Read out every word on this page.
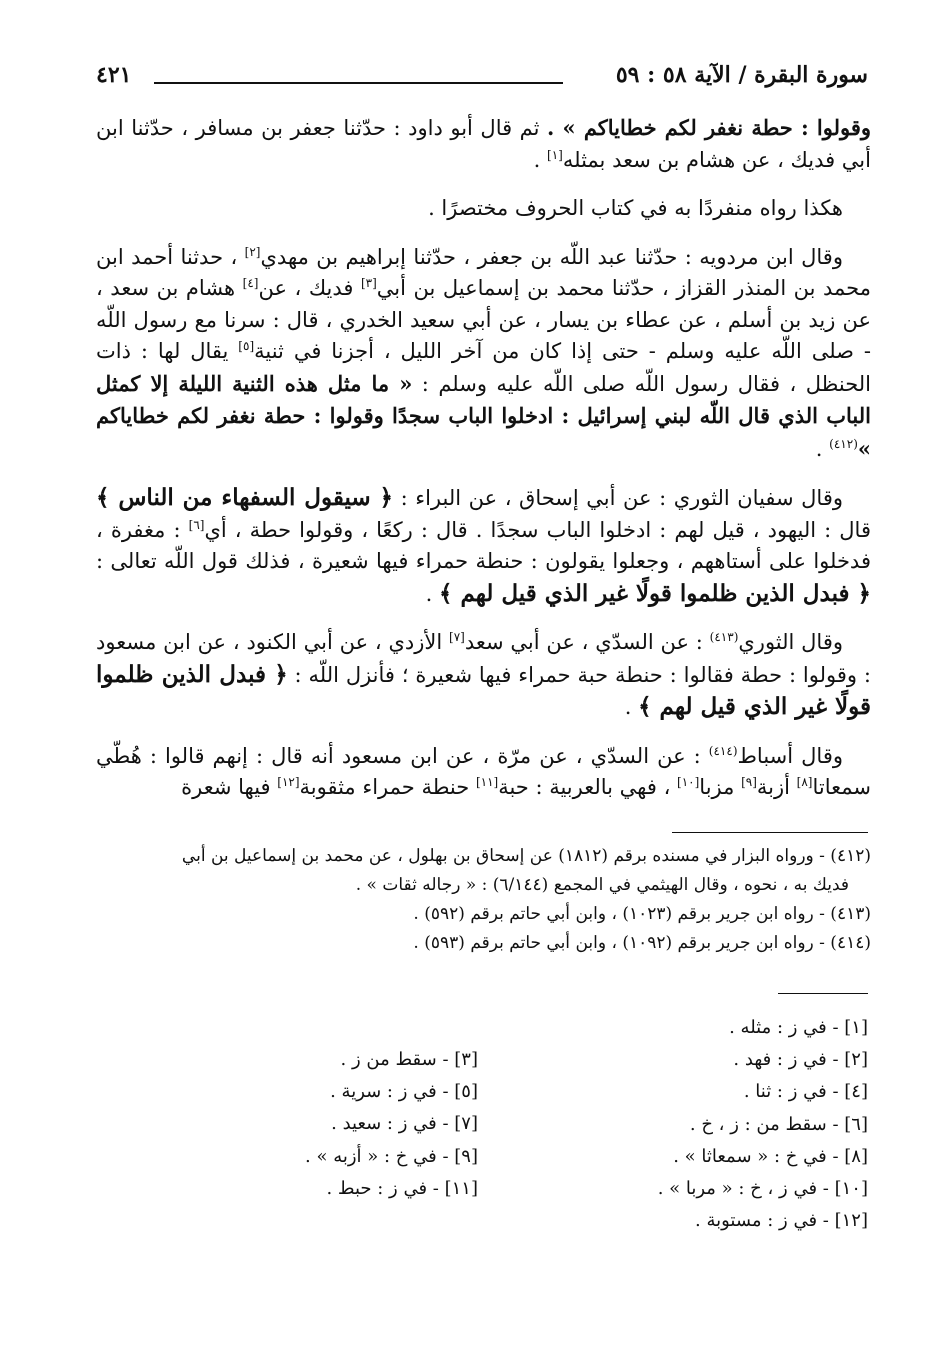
سورة البقرة / الآية ٥٨ : ٥٩
٤٢١

وقولوا : حطة نغفر لكم خطاياكم » . ثم قال أبو داود : حدّثنا جعفر بن مسافر ، حدّثنا ابن أبي فديك ، عن هشام بن سعد بمثله[١] .

هكذا رواه منفردًا به في كتاب الحروف مختصرًا .

وقال ابن مردويه : حدّثنا عبد اللّه بن جعفر ، حدّثنا إبراهيم بن مهدي[٢] ، حدثنا أحمد ابن محمد بن المنذر القزاز ، حدّثنا محمد بن إسماعيل بن أبي[٣] فديك ، عن[٤] هشام بن سعد ، عن زيد بن أسلم ، عن عطاء بن يسار ، عن أبي سعيد الخدري ، قال : سرنا مع رسول اللّه - صلى اللّه عليه وسلم - حتى إذا كان من آخر الليل ، أجزنا في ثنية[٥] يقال لها : ذات الحنظل ، فقال رسول اللّه صلى اللّه عليه وسلم : « ما مثل هذه الثنية الليلة إلا كمثل الباب الذي قال اللّه لبني إسرائيل : ادخلوا الباب سجدًا وقولوا : حطة نغفر لكم خطاياكم »$^{(٤١٢)}$ .

وقال سفيان الثوري : عن أبي إسحاق ، عن البراء : ﴿ سيقول السفهاء من الناس ﴾ قال : اليهود ، قيل لهم : ادخلوا الباب سجدًا . قال : ركعًا ، وقولوا حطة ، أي[٦] : مغفرة ، فدخلوا على أستاههم ، وجعلوا يقولون : حنطة حمراء فيها شعيرة ، فذلك قول اللّه تعالى : ﴿ فبدل الذين ظلموا قولًا غير الذي قيل لهم ﴾ .

وقال الثوري$^{(٤١٣)}$ : عن السدّي ، عن أبي سعد[٧] الأزدي ، عن أبي الكنود ، عن ابن مسعود : وقولوا : حطة فقالوا : حنطة حبة حمراء فيها شعيرة ؛ فأنزل اللّه : ﴿ فبدل الذين ظلموا قولًا غير الذي قيل لهم ﴾ .

وقال أسباط$^{(٤١٤)}$ : عن السدّي ، عن مرّة ، عن ابن مسعود أنه قال : إنهم قالوا : هُطّي سمعاتا[٨] أزبة[٩] مزبا[١٠] ، فهي بالعربية : حبة[١١] حنطة حمراء مثقوبة[١٢] فيها شعرة

(٤١٢) - ورواه البزار في مسنده برقم (١٨١٢) عن إسحاق بن بهلول ، عن محمد بن إسماعيل بن أبي

فديك به ، نحوه ، وقال الهيثمي في المجمع (٦/١٤٤) : « رجاله ثقات » .

(٤١٣) - رواه ابن جرير برقم (١٠٢٣) ، وابن أبي حاتم برقم (٥٩٢) .

(٤١٤) - رواه ابن جرير برقم (١٠٩٢) ، وابن أبي حاتم برقم (٥٩٣) .

[١] - في ز : مثله .
[٢] - في ز : فهد .
[٤] - في ز : ثنا .
[٦] - سقط من : ز ، خ .
[٨] - في خ : « سمعاثا » .
[١٠] - في ز ، خ : « مربا » .
[١٢] - في ز : مستوبة .
[٣] - سقط من ز .
[٥] - في ز : سرية .
[٧] - في ز : سعيد .
[٩] - في خ : « أزبه » .
[١١] - في ز : حبط .
